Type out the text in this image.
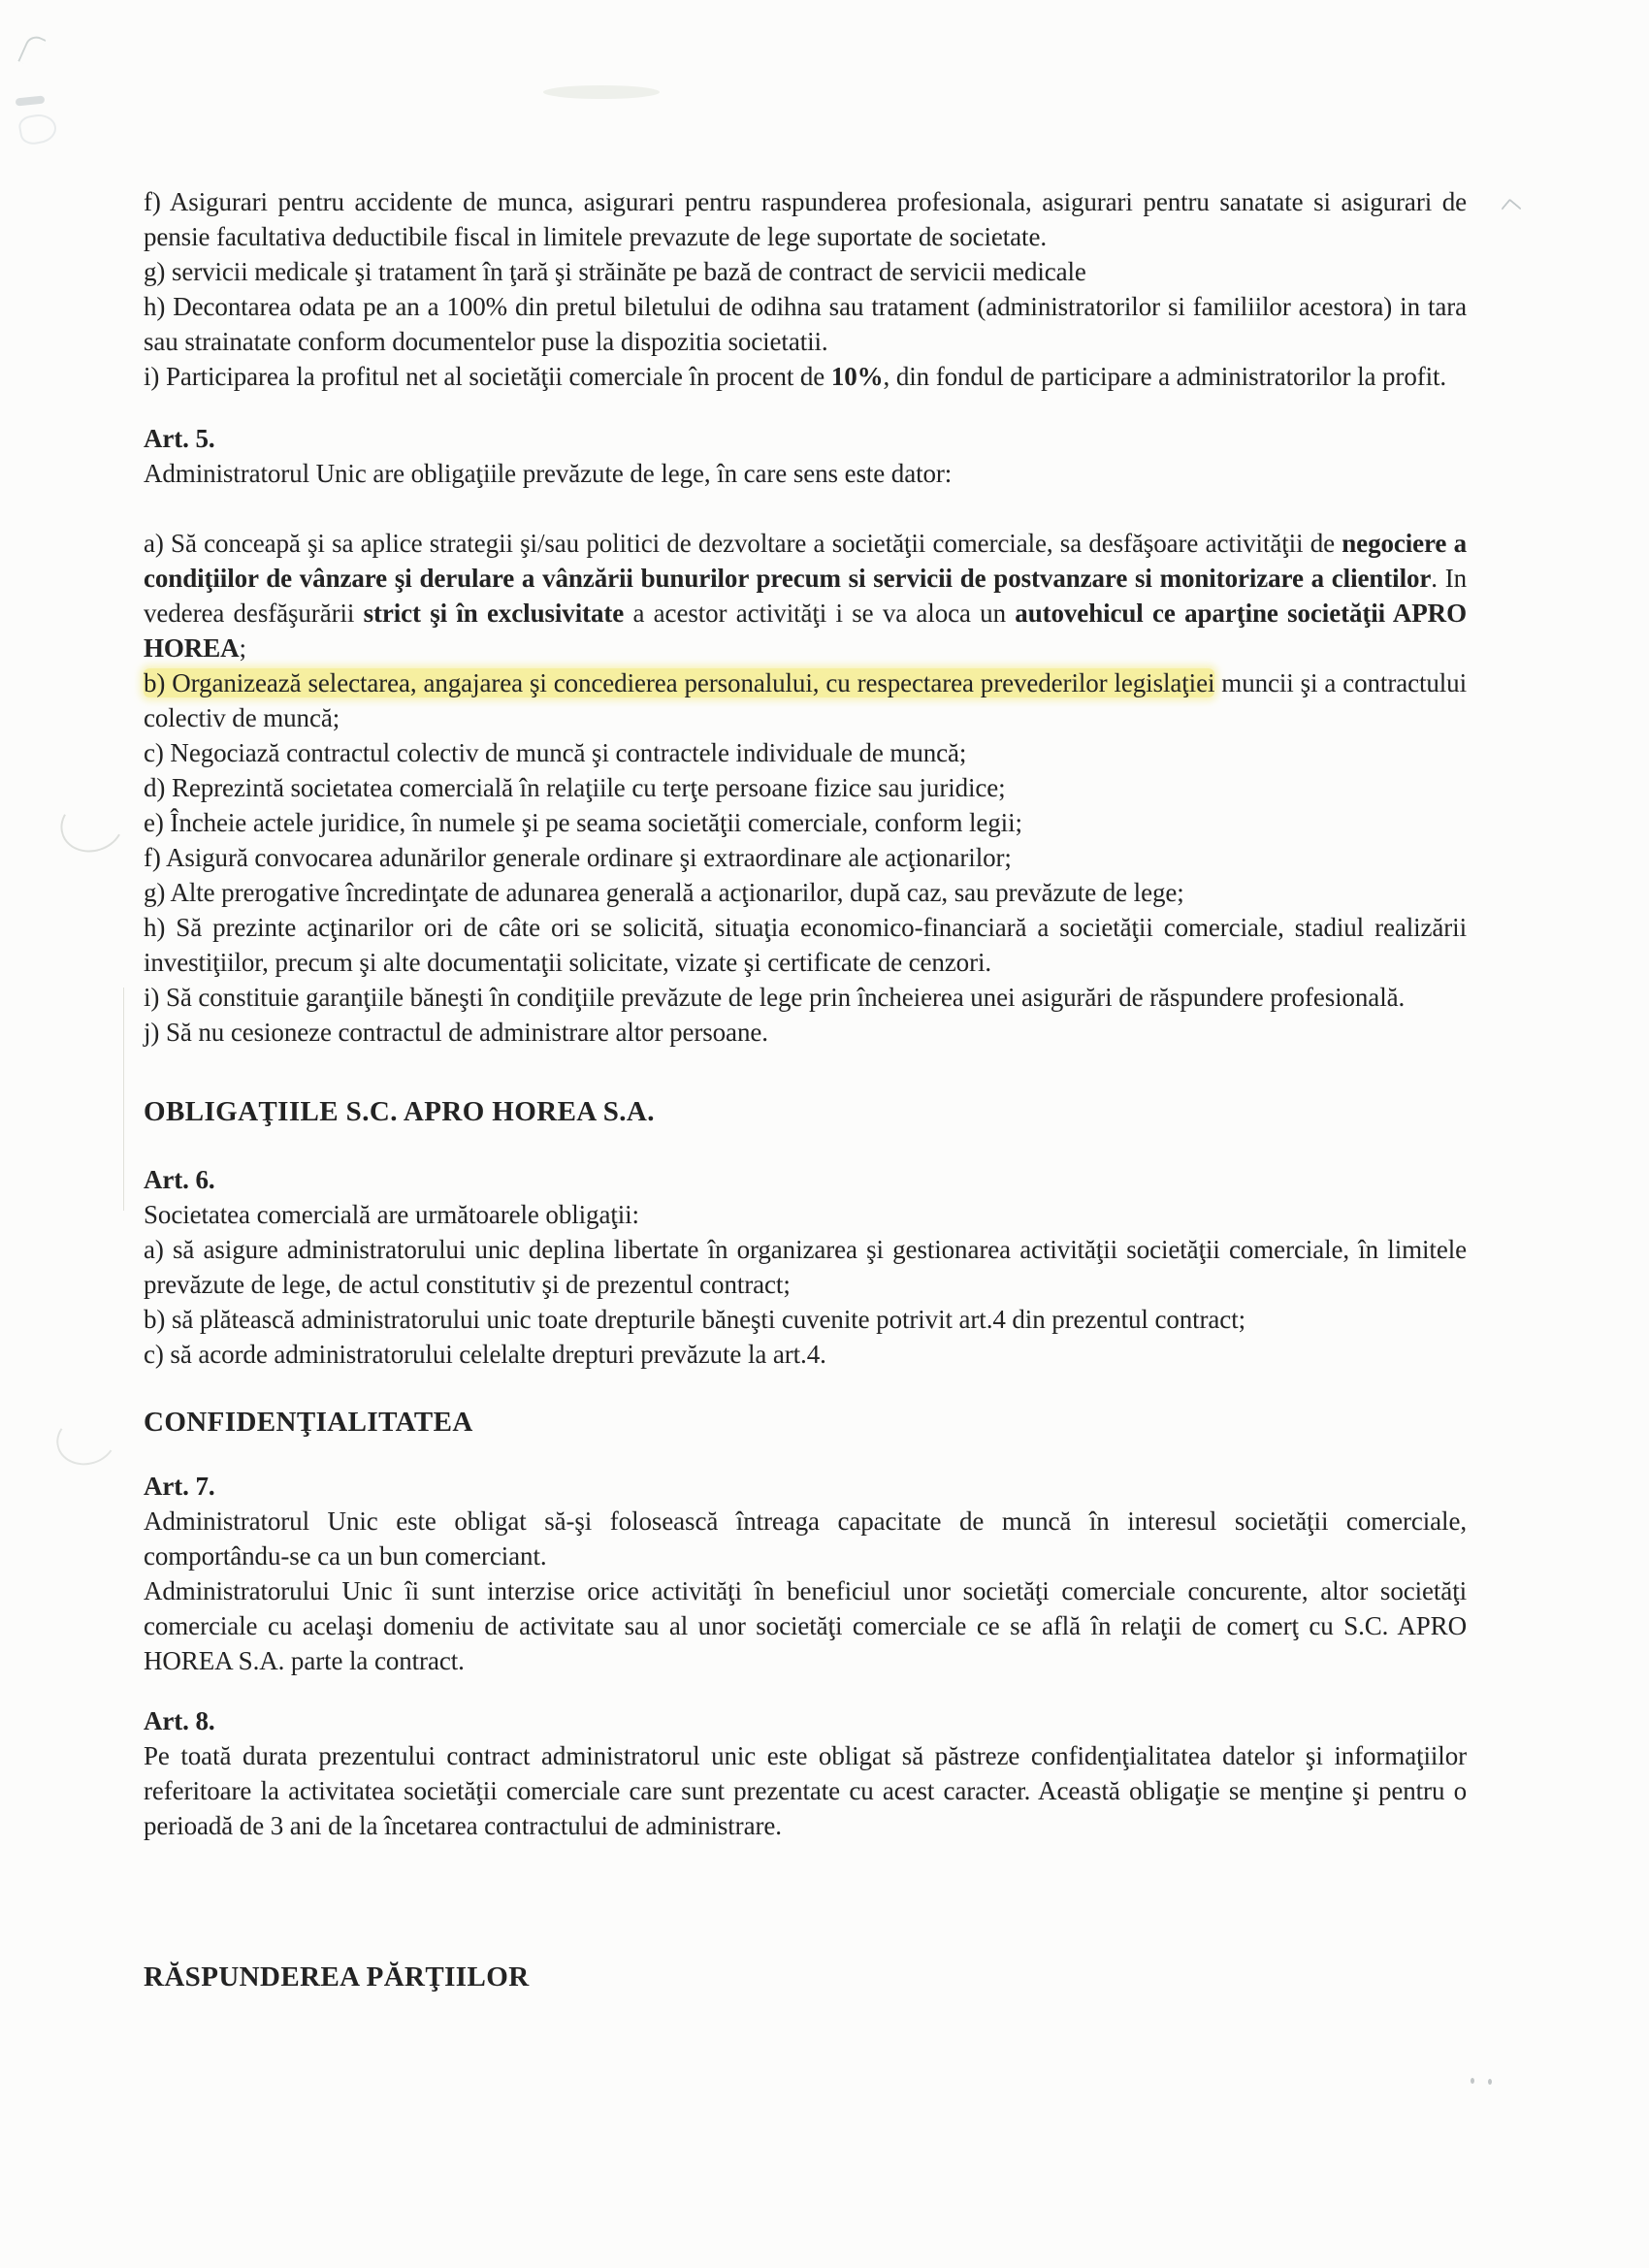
f) Asigurari pentru accidente de munca, asigurari pentru raspunderea profesionala, asigurari pentru sanatate si asigurari de pensie facultativa deductibile fiscal in limitele prevazute de lege suportate de societate.
g) servicii medicale şi tratament în ţară şi străinăte pe bază de contract de servicii medicale
h) Decontarea odata pe an a 100% din pretul biletului de odihna sau tratament (administratorilor si familiilor acestora) in tara sau strainatate conform documentelor puse la dispozitia societatii.
i) Participarea la profitul net al societăţii comerciale în procent de 10%, din fondul de participare a administratorilor la profit.
Art. 5.
Administratorul Unic are obligaţiile prevăzute de lege, în care sens este dator:
a) Să conceapă şi sa aplice strategii şi/sau politici de dezvoltare a societăţii comerciale, sa desfăşoare activităţii de negociere a condiţiilor de vânzare şi derulare a vânzării bunurilor precum si servicii de postvanzare si monitorizare a clientilor. In vederea desfăşurării strict şi în exclusivitate a acestor activităţi i se va aloca un autovehicul ce aparţine societăţii APRO HOREA;
b) Organizează selectarea, angajarea şi concedierea personalului, cu respectarea prevederilor legislaţiei muncii şi a contractului colectiv de muncă;
c) Negociază contractul colectiv de muncă şi contractele individuale de muncă;
d) Reprezintă societatea comercială în relaţiile cu terţe persoane fizice sau juridice;
e) Încheie actele juridice, în numele şi pe seama societăţii comerciale, conform legii;
f) Asigură convocarea adunărilor generale ordinare şi extraordinare ale acţionarilor;
g) Alte prerogative încredinţate de adunarea generală a acţionarilor, după caz, sau prevăzute de lege;
h) Să prezinte acţinarilor ori de câte ori se solicită, situaţia economico-financiară a societăţii comerciale, stadiul realizării investiţiilor, precum şi alte documentaţii solicitate, vizate şi certificate de cenzori.
i) Să constituie garanţiile băneşti în condiţiile prevăzute de lege prin încheierea unei asigurări de răspundere profesională.
j) Să nu cesioneze contractul de administrare altor persoane.
OBLIGAŢIILE S.C. APRO HOREA S.A.
Art. 6.
Societatea comercială are următoarele obligaţii:
a) să asigure administratorului unic deplina libertate în organizarea şi gestionarea activităţii societăţii comerciale, în limitele prevăzute de lege, de actul constitutiv şi de prezentul contract;
b) să plătească administratorului unic toate drepturile băneşti cuvenite potrivit art.4 din prezentul contract;
c) să acorde administratorului celelalte drepturi prevăzute la art.4.
CONFIDENŢIALITATEA
Art. 7.
Administratorul Unic este obligat să-şi folosească întreaga capacitate de muncă în interesul societăţii comerciale, comportându-se ca un bun comerciant.
Administratorului Unic îi sunt interzise orice activităţi în beneficiul unor societăţi comerciale concurente, altor societăţi comerciale cu acelaşi domeniu de activitate sau al unor societăţi comerciale ce se află în relaţii de comerţ cu S.C. APRO HOREA S.A. parte la contract.
Art. 8.
Pe toată durata prezentului contract administratorul unic este obligat să păstreze confidenţialitatea datelor şi informaţiilor referitoare la activitatea societăţii comerciale care sunt prezentate cu acest caracter. Această obligaţie se menţine şi pentru o perioadă de 3 ani de la încetarea contractului de administrare.
RĂSPUNDEREA PĂRŢIILOR
